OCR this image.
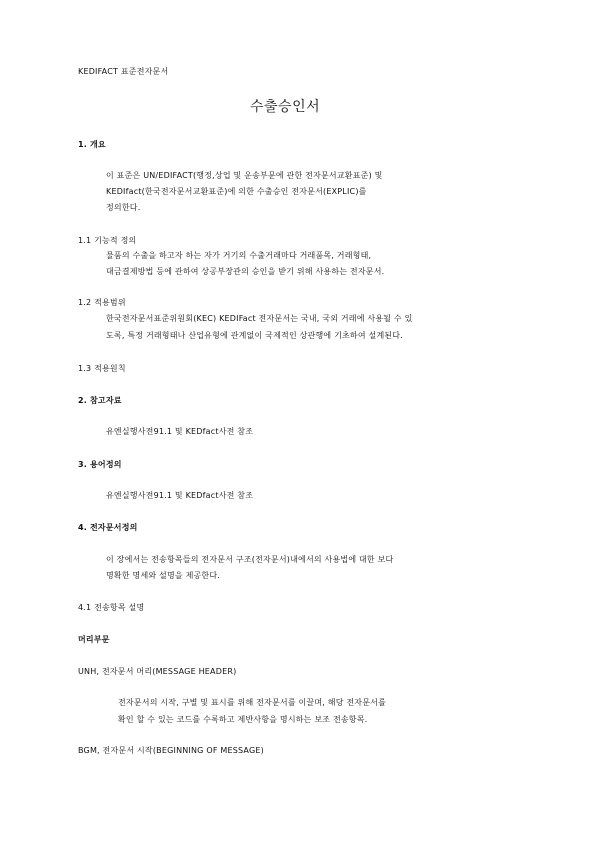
KEDIFACT 표준전자문서
수출승인서
1. 개요
이 표준은 UN/EDIFACT(행정,상업 및 운송부문에 관한 전자문서교환표준) 및
KEDIfact(한국전자문서교환표준)에 의한 수출승인 전자문서(EXPLIC)를
정의한다.
1.1 기능적 정의
물품의 수출을 하고자 하는 자가 거기의 수출거래마다 거래품목, 거래형태,
대금결제방법 등에 관하여 상공부장관의 승인을 받기 위해 사용하는 전자문서.
1.2 적용범위
한국전자문서표준위원회(KEC) KEDIFact 전자문서는 국내, 국외 거래에 사용될 수 있
도록, 특정 거래형태나 산업유형에 관계없이 국제적인 상관행에 기초하여 설계된다.
1.3 적용원칙
2. 참고자료
유엔실행사전91.1 및 KEDfact사전 참조
3. 용어정의
유엔실행사전91.1 및 KEDfact사전 참조
4. 전자문서정의
이 장에서는 전송항목들의 전자문서 구조(전자문서)내에서의 사용법에 대한 보다
명확한 명세와 설명을 제공한다.
4.1 전송항목 설명
머리부문
UNH, 전자문서 머리(MESSAGE HEADER)
전자문서의 시작, 구별 및 표시를 위해 전자문서를 이끌며, 해당 전자문서를
확인 할 수 있는 코드를 수록하고 제반사항을 명시하는 보조 전송항목.
BGM, 전자문서 시작(BEGINNING OF MESSAGE)
